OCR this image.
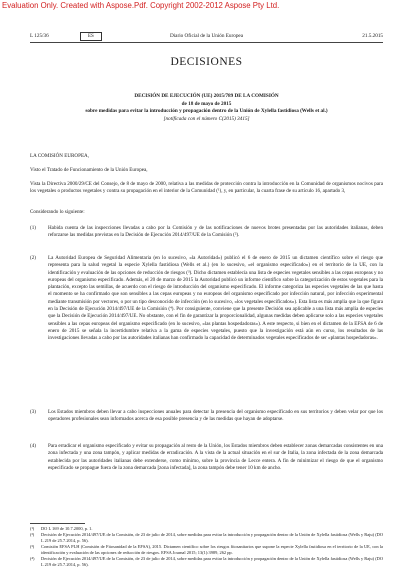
Evaluation Only. Created with Aspose.Pdf. Copyright 2002-2012 Aspose Pty Ltd.
L 125/36	ES	Diario Oficial de la Unión Europea	21.5.2015
DECISIONES

DECISIÓN DE EJECUCIÓN (UE) 2015/789 DE LA COMISIÓN

de 18 de mayo de 2015

sobre medidas para evitar la introducción y propagación dentro de la Unión de Xylella fastidiosa (Wells et al.)

[notificada con el número C(2015) 3415]

LA COMISIÓN EUROPEA,

Visto el Tratado de Funcionamiento de la Unión Europea,

Vista la Directiva 2000/29/CE del Consejo, de 8 de mayo de 2000, relativa a las medidas de protección contra la introducción en la Comunidad de organismos nocivos para los vegetales o productos vegetales y contra su propagación en el interior de la Comunidad (¹), y, en particular, la cuarta frase de su artículo 16, apartado 3,

Considerando lo siguiente:

(1) Habida cuenta de las inspecciones llevadas a cabo por la Comisión y de las notificaciones de nuevos brotes presentadas por las autoridades italianas, deben reforzarse las medidas previstas en la Decisión de Ejecución 2014/497/UE de la Comisión (²).

(2) La Autoridad Europea de Seguridad Alimentaria (en lo sucesivo, «la Autoridad») publicó el 6 de enero de 2015 un dictamen científico sobre el riesgo que representa para la salud vegetal la especie Xylella fastidiosa (Wells et al.) (en lo sucesivo, «el organismo especificado») en el territorio de la UE, con la identificación y evaluación de las opciones de reducción de riesgos (³). Dicho dictamen establecía una lista de especies vegetales sensibles a las cepas europeas y no europeas del organismo especificado. Además, el 20 de marzo de 2015 la Autoridad publicó un informe científico sobre la categorización de estos vegetales para la plantación, excepto las semillas, de acuerdo con el riesgo de introducción del organismo especificado. El informe categoriza las especies vegetales de las que hasta el momento se ha confirmado que son sensibles a las cepas europeas y no europeas del organismo especificado por infección natural, por infección experimental mediante transmisión por vectores, o por un tipo desconocido de infección (en lo sucesivo, «los vegetales especificados»). Esta lista es más amplia que la que figura en la Decisión de Ejecución 2014/497/UE de la Comisión (⁴). Por consiguiente, conviene que la presente Decisión sea aplicable a una lista más amplia de especies que la Decisión de Ejecución 2014/497/UE. No obstante, con el fin de garantizar la proporcionalidad, algunas medidas deben aplicarse solo a las especies vegetales sensibles a las cepas europeas del organismo especificado (en lo sucesivo, «las plantas hospedadoras»). A este respecto, si bien en el dictamen de la EFSA de 6 de enero de 2015 se señala la incertidumbre relativa a la gama de especies vegetales, puesto que la investigación está aún en curso, los resultados de las investigaciones llevadas a cabo por las autoridades italianas han confirmado la capacidad de determinados vegetales especificados de ser «plantas hospedadoras».

(3) Los Estados miembros deben llevar a cabo inspecciones anuales para detectar la presencia del organismo especificado en sus territorios y deben velar por que los operadores profesionales sean informados acerca de esa posible presencia y de las medidas que hayan de adoptarse.

(4) Para erradicar el organismo especificado y evitar su propagación al resto de la Unión, los Estados miembros deben establecer zonas demarcadas consistentes en una zona infectada y una zona tampón, y aplicar medidas de erradicación. A la vista de la actual situación en el sur de Italia, la zona infectada de la zona demarcada establecida por las autoridades italianas debe extenderse, como mínimo, sobre la provincia de Lecce entera. A fin de minimizar el riesgo de que el organismo especificado se propague fuera de la zona demarcada [zona infectada], la zona tampón debe tener 10 km de ancho.

(¹) DO L 169 de 10.7.2000, p. 1.
(²) Decisión de Ejecución 2014/497/UE de la Comisión, de 23 de julio de 2014, sobre medidas para evitar la introducción y propagación dentro de la Unión de Xylella fastidiosa (Wells y Raju) (DO L 219 de 25.7.2014, p. 56).
(³) Comisión EFSA PLH (Comisión de Fitosanidad de la EFSA), 2015. Dictamen científico sobre los riesgos fitosanitarios que supone la especie Xylella fastidiosa en el territorio de la UE, con la identificación y evaluación de las opciones de reducción de riesgos. EFSA Journal 2015; 13(1):3989, 262 pp.
(⁴) Decisión de Ejecución 2014/497/UE de la Comisión, de 23 de julio de 2014, sobre medidas para evitar la introducción y propagación dentro de la Unión de Xylella fastidiosa (Wells y Raju) (DO L 219 de 25.7.2014, p. 56).
